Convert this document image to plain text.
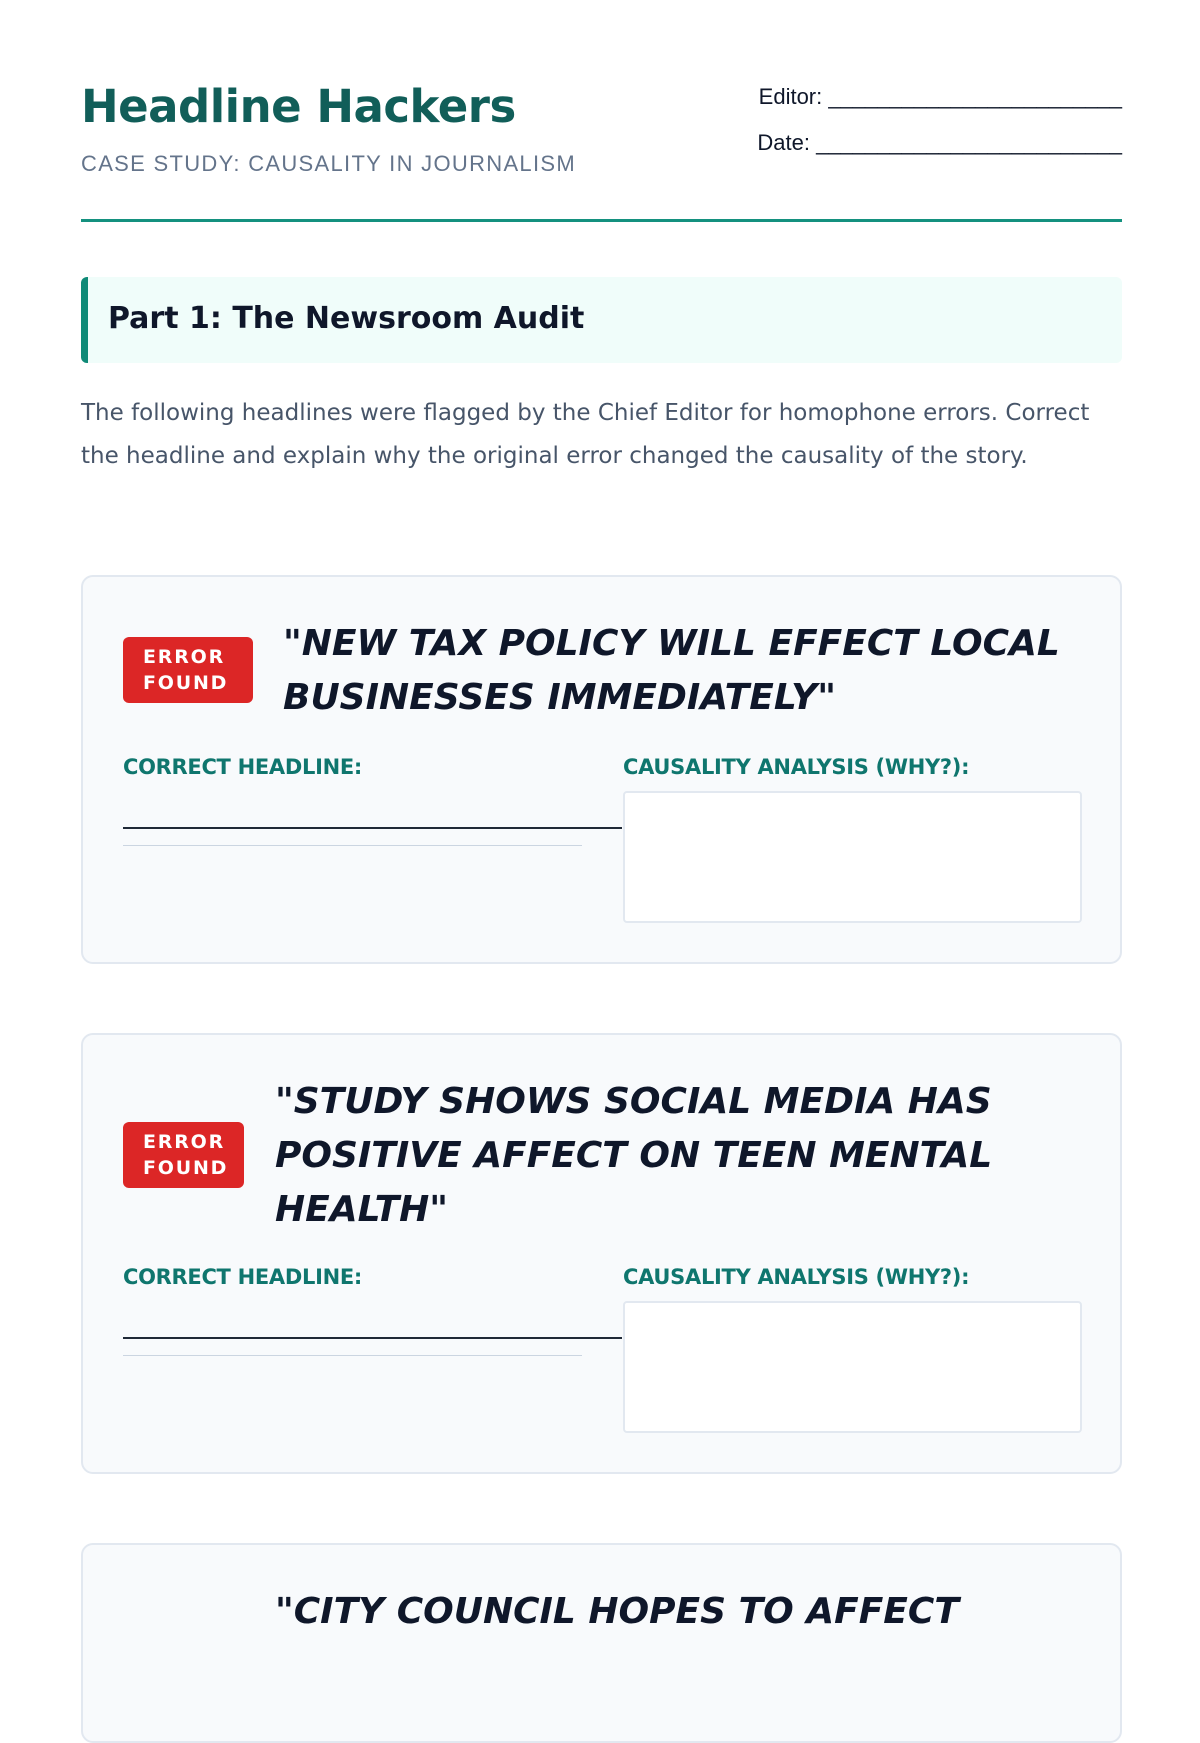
Headline Hackers
CASE STUDY: CAUSALITY IN JOURNALISM
Editor: ________________________
Date: _________________________
Part 1: The Newsroom Audit

The following headlines were flagged by the Chief Editor for homophone errors. Correct the headline and explain why the original error changed the causality of the story.

ERROR
FOUND

"NEW TAX POLICY WILL EFFECT LOCAL BUSINESSES IMMEDIATELY"

CORRECT HEADLINE:	CAUSALITY ANALYSIS (WHY?):
ERROR
FOUND

"STUDY SHOWS SOCIAL MEDIA HAS POSITIVE AFFECT ON TEEN MENTAL HEALTH"

CORRECT HEADLINE:	CAUSALITY ANALYSIS (WHY?):

"CITY COUNCIL HOPES TO AFFECT
